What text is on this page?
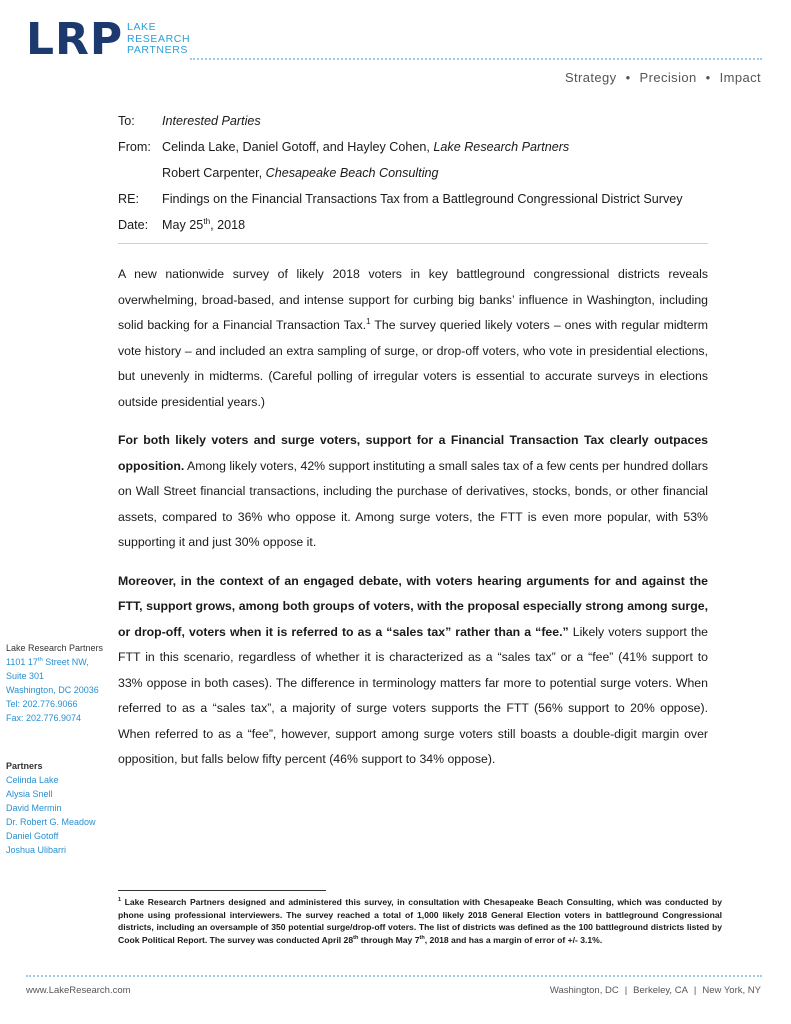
LRP LAKE
RESEARCH
PARTNERS
Strategy • Precision • Impact
To:	Interested Parties
From: Celinda Lake, Daniel Gotoff, and Hayley Cohen, Lake Research Partners
Robert Carpenter, Chesapeake Beach Consulting
RE:	Findings on the Financial Transactions Tax from a Battleground Congressional District Survey
Date:	May 25th, 2018

A new nationwide survey of likely 2018 voters in key battleground congressional districts reveals overwhelming, broad-based, and intense support for curbing big banks’ influence in Washington, including solid backing for a Financial Transaction Tax.$^1$ The survey queried likely voters – ones with regular midterm vote history – and included an extra sampling of surge, or drop-off voters, who vote in presidential elections, but unevenly in midterms. (Careful polling of irregular voters is essential to accurate surveys in elections outside presidential years.)

For both likely voters and surge voters, support for a Financial Transaction Tax clearly outpaces opposition. Among likely voters, 42% support instituting a small sales tax of a few cents per hundred dollars on Wall Street financial transactions, including the purchase of derivatives, stocks, bonds, or other financial assets, compared to 36% who oppose it. Among surge voters, the FTT is even more popular, with 53% supporting it and just 30% oppose it.

Moreover, in the context of an engaged debate, with voters hearing arguments for and against the FTT, support grows, among both groups of voters, with the proposal especially strong among surge, or drop-off, voters when it is referred to as a “sales tax” rather than a “fee.” Likely voters support the FTT in this scenario, regardless of whether it is characterized as a “sales tax” or a “fee” (41% support to 33% oppose in both cases). The difference in terminology matters far more to potential surge voters. When referred to as a “sales tax”, a majority of surge voters supports the FTT (56% support to 20% oppose). When referred to as a “fee”, however, support among surge voters still boasts a double-digit margin over opposition, but falls below fifty percent (46% support to 34% oppose).

Lake Research Partners
1101 17th Street NW,
Suite 301
Washington, DC 20036
Tel: 202.776.9066
Fax: 202.776.9074
Partners
Celinda Lake
Alysia Snell
David Mermin
Dr. Robert G. Meadow
Daniel Gotoff
Joshua Ulibarri
$^1$ Lake Research Partners designed and administered this survey, in consultation with Chesapeake Beach Consulting, which was conducted by phone using professional interviewers. The survey reached a total of 1,000 likely 2018 General Election voters in battleground Congressional districts, including an oversample of 350 potential surge/drop-off voters. The list of districts was defined as the 100 battleground districts listed by Cook Political Report. The survey was conducted April 28th through May 7th, 2018 and has a margin of error of +/- 3.1%.
www.LakeResearch.com	Washington, DC | Berkeley, CA | New York, NY
